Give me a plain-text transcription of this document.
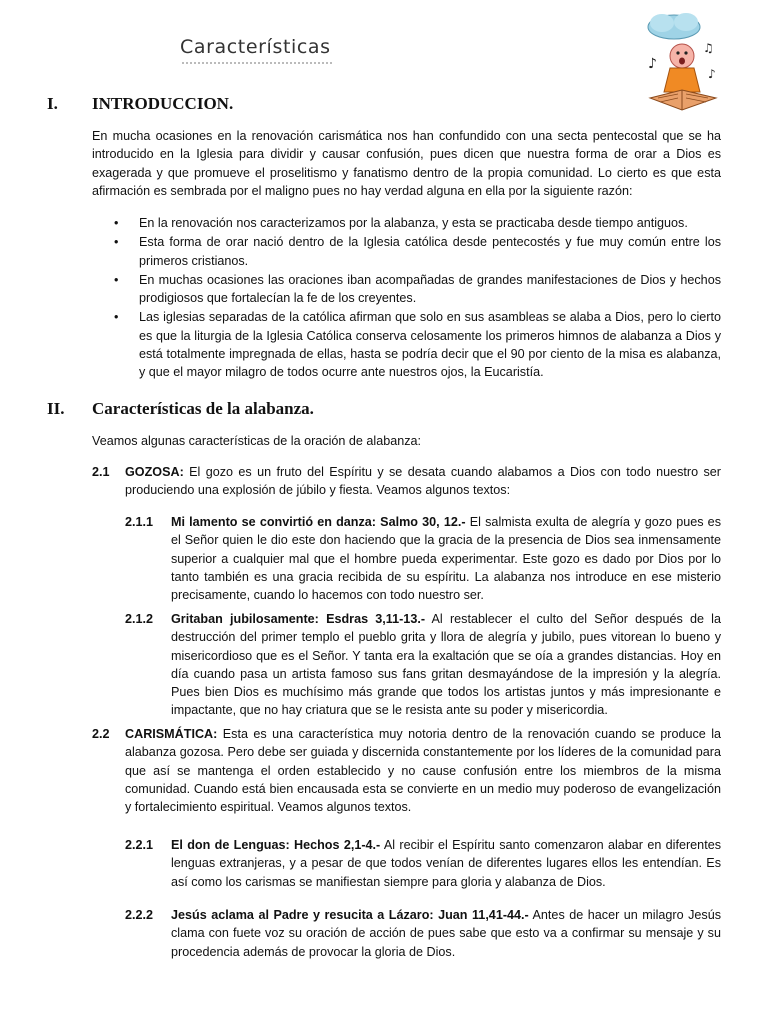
Características
♪
♫
♪
I. INTRODUCCION.
En mucha ocasiones en la renovación carismática nos han confundido con una secta pentecostal que se ha introducido en la Iglesia para dividir y causar confusión, pues dicen que nuestra forma de orar a Dios es exagerada y que promueve el proselitismo y fanatismo dentro de la propia comunidad. Lo cierto es que esta afirmación es sembrada por el maligno pues no hay verdad alguna en ella por la siguiente razón:
• En la renovación nos caracterizamos por la alabanza, y esta se practicaba desde tiempo antiguos.
• Esta forma de orar nació dentro de la Iglesia católica desde pentecostés y fue muy común entre los primeros cristianos.
• En muchas ocasiones las oraciones iban acompañadas de grandes manifestaciones de Dios y hechos prodigiosos que fortalecían la fe de los creyentes.
• Las iglesias separadas de la católica afirman que solo en sus asambleas se alaba a Dios, pero lo cierto es que la liturgia de la Iglesia Católica conserva celosamente los primeros himnos de alabanza a Dios y está totalmente impregnada de ellas, hasta se podría decir que el 90 por ciento de la misa es alabanza, y que el mayor milagro de todos ocurre ante nuestros ojos, la Eucaristía.
II. Características de la alabanza.
Veamos algunas características de la oración de alabanza:
2.1 GOZOSA: El gozo es un fruto del Espíritu y se desata cuando alabamos a Dios con todo nuestro ser produciendo una explosión de júbilo y fiesta. Veamos algunos textos:
2.1.1 Mi lamento se convirtió en danza: Salmo 30, 12.- El salmista exulta de alegría y gozo pues es el Señor quien le dio este don haciendo que la gracia de la presencia de Dios sea inmensamente superior a cualquier mal que el hombre pueda experimentar. Este gozo es dado por Dios por lo tanto también es una gracia recibida de su espíritu. La alabanza nos introduce en ese misterio precisamente, cuando lo hacemos con todo nuestro ser.
2.1.2 Gritaban jubilosamente: Esdras 3,11-13.- Al restablecer el culto del Señor después de la destrucción del primer templo el pueblo grita y llora de alegría y jubilo, pues vitorean lo bueno y misericordioso que es el Señor. Y tanta era la exaltación que se oía a grandes distancias. Hoy en día cuando pasa un artista famoso sus fans gritan desmayándose de la impresión y la alegría. Pues bien Dios es muchísimo más grande que todos los artistas juntos y más impresionante e impactante, que no hay criatura que se le resista ante su poder y misericordia.
2.2 CARISMÁTICA: Esta es una característica muy notoria dentro de la renovación cuando se produce la alabanza gozosa. Pero debe ser guiada y discernida constantemente por los líderes de la comunidad para que así se mantenga el orden establecido y no cause confusión entre los miembros de la misma comunidad. Cuando está bien encausada esta se convierte en un medio muy poderoso de evangelización y fortalecimiento espiritual. Veamos algunos textos.
2.2.1 El don de Lenguas: Hechos 2,1-4.- Al recibir el Espíritu santo comenzaron alabar en diferentes lenguas extranjeras, y a pesar de que todos venían de diferentes lugares ellos les entendían. Es así como los carismas se manifiestan siempre para gloria y alabanza de Dios.
2.2.2 Jesús aclama al Padre y resucita a Lázaro: Juan 11,41-44.- Antes de hacer un milagro Jesús clama con fuete voz su oración de acción de pues sabe que esto va a confirmar su mensaje y su procedencia además de provocar la gloria de Dios.
